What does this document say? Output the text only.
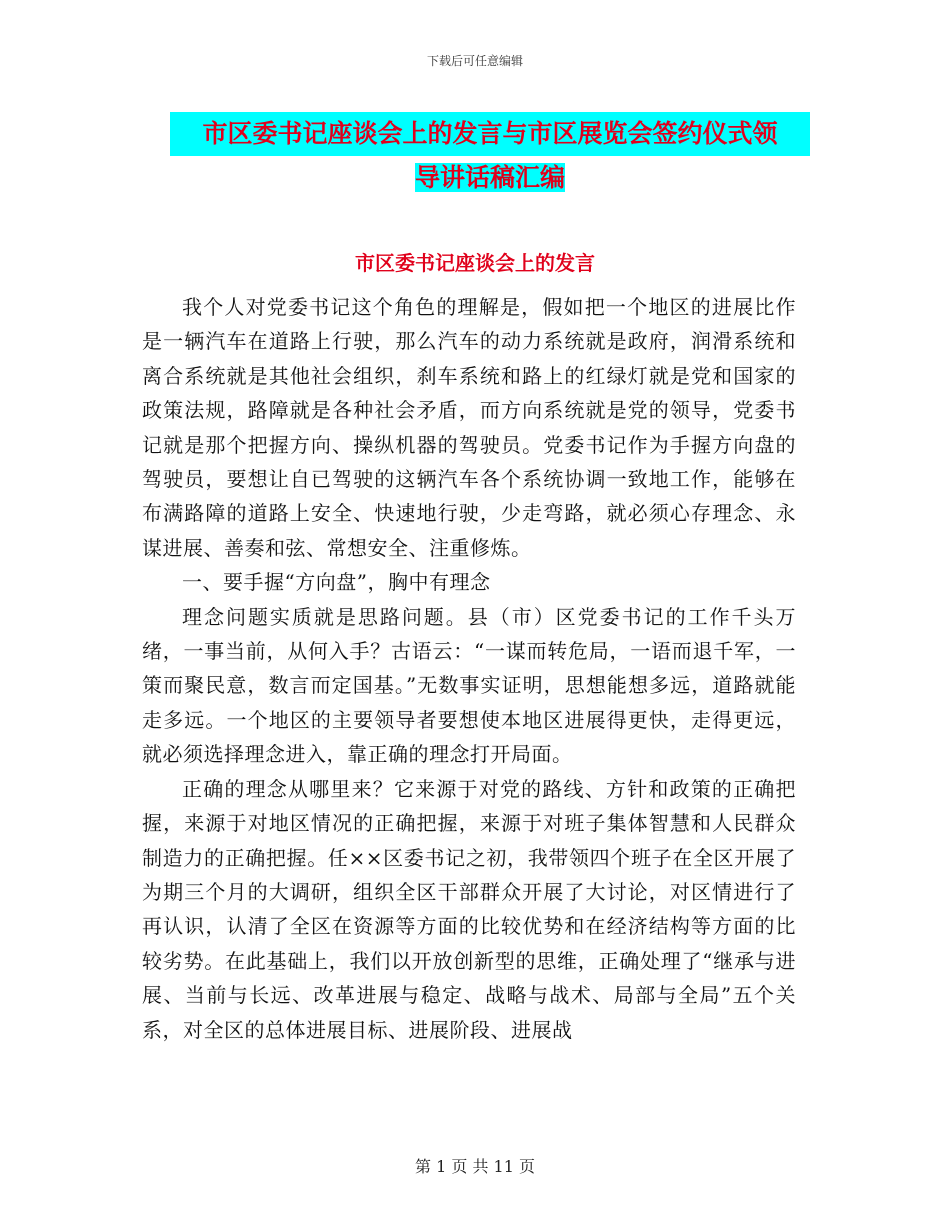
下载后可任意编辑
市区委书记座谈会上的发言与市区展览会签约仪式领
导讲话稿汇编
市区委书记座谈会上的发言

我个人对党委书记这个角色的理解是，假如把一个地区的进展比作是一辆汽车在道路上行驶，那么汽车的动力系统就是政府，润滑系统和离合系统就是其他社会组织，刹车系统和路上的红绿灯就是党和国家的政策法规，路障就是各种社会矛盾，而方向系统就是党的领导，党委书记就是那个把握方向、操纵机器的驾驶员。党委书记作为手握方向盘的驾驶员，要想让自已驾驶的这辆汽车各个系统协调一致地工作，能够在布满路障的道路上安全、快速地行驶，少走弯路，就必须心存理念、永谋进展、善奏和弦、常想安全、注重修炼。

一、要手握“方向盘”，胸中有理念

理念问题实质就是思路问题。县（市）区党委书记的工作千头万绪，一事当前，从何入手？古语云：“一谋而转危局，一语而退千军，一策而聚民意，数言而定国基。”无数事实证明，思想能想多远，道路就能走多远。一个地区的主要领导者要想使本地区进展得更快，走得更远，就必须选择理念进入，靠正确的理念打开局面。

正确的理念从哪里来？它来源于对党的路线、方针和政策的正确把握，来源于对地区情况的正确把握，来源于对班子集体智慧和人民群众制造力的正确把握。任××区委书记之初，我带领四个班子在全区开展了为期三个月的大调研，组织全区干部群众开展了大讨论，对区情进行了再认识，认清了全区在资源等方面的比较优势和在经济结构等方面的比较劣势。在此基础上，我们以开放创新型的思维，正确处理了“继承与进展、当前与长远、改革进展与稳定、战略与战术、局部与全局”五个关系，对全区的总体进展目标、进展阶段、进展战

第 1 页 共 11 页
